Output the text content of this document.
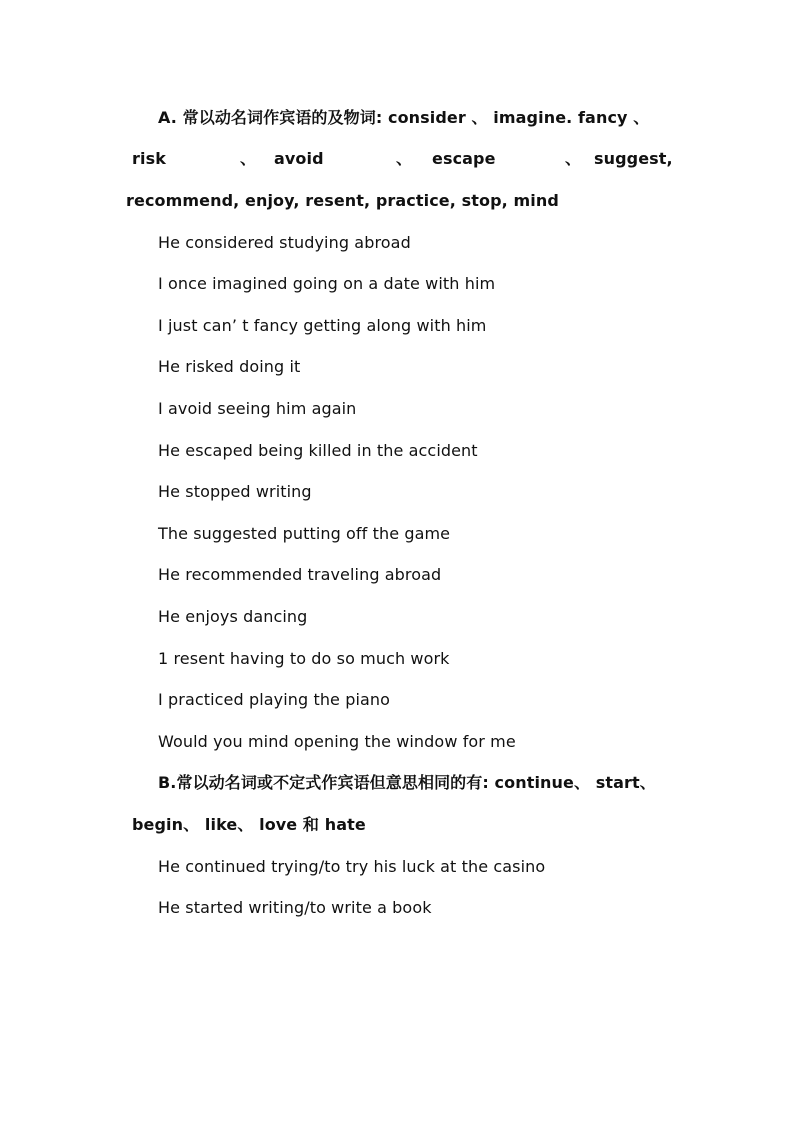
A. 常以动名词作宾语的及物词: consider 、 imagine. fancy 、
risk	、 avoid	、 escape	、 suggest,
recommend, enjoy, resent, practice, stop, mind
He considered studying abroad
I once imagined going on a date with him
I just can’ t fancy getting along with him
He risked doing it
I avoid seeing him again
He escaped being killed in the accident
He stopped writing
The suggested putting off the game
He recommended traveling abroad
He enjoys dancing
1 resent having to do so much work
I practiced playing the piano
Would you mind opening the window for me
B.常以动名词或不定式作宾语但意思相同的有: continue、 start、
begin、 like、 love 和 hate
He continued trying/to try his luck at the casino
He started writing/to write a book
